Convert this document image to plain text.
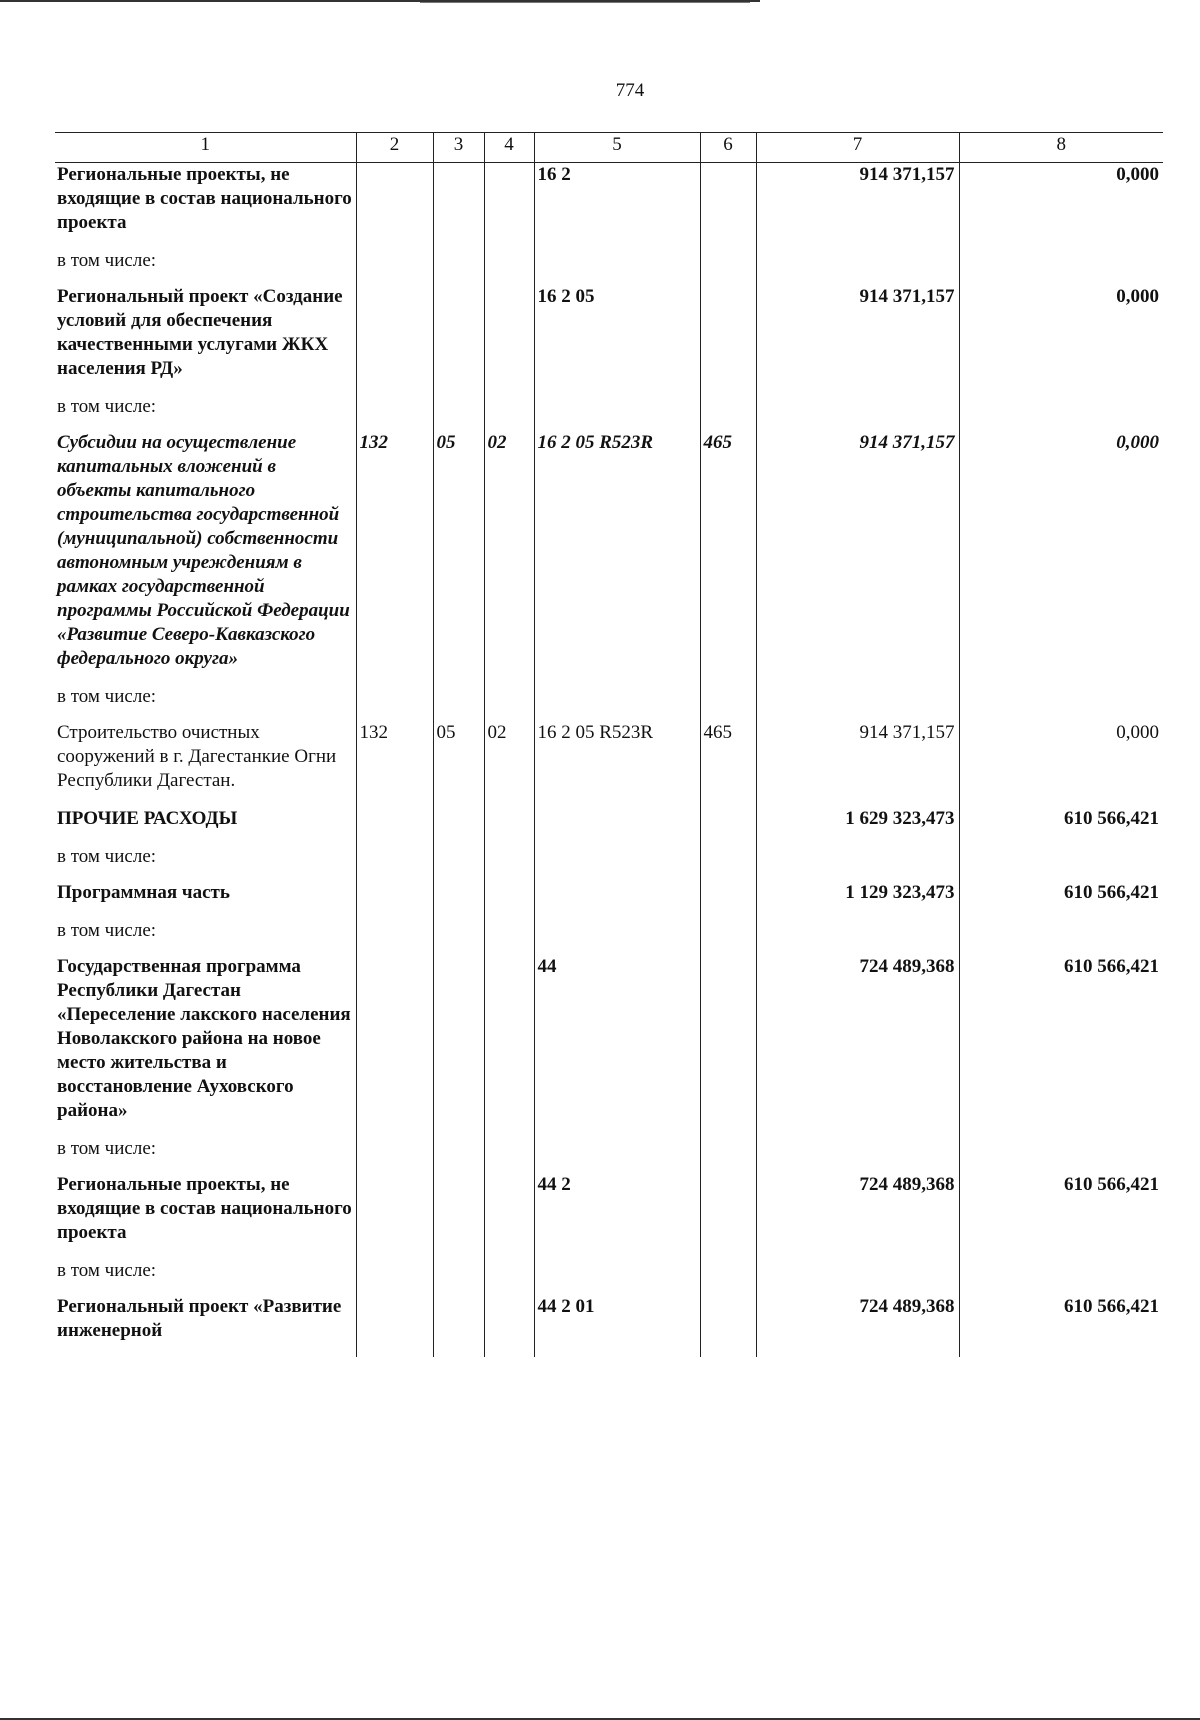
774
1	2	3	4	5	6	7	8
Региональные проекты, не входящие в состав национального проекта				16 2		914 371,157	0,000
в том числе:							
Региональный проект «Создание условий для обеспечения качественными услугами ЖКХ населения РД»				16 2 05		914 371,157	0,000
в том числе:							
Субсидии на осуществление капитальных вложений в объекты капитального строительства государственной (муниципальной) собственности автономным учреждениям в рамках государственной программы Российской Федерации «Развитие Северо-Кавказского федерального округа»	132	05	02	16 2 05 R523R	465	914 371,157	0,000
в том числе:							
Строительство очистных сооружений в г. Дагестанкие Огни Республики Дагестан.	132	05	02	16 2 05 R523R	465	914 371,157	0,000
ПРОЧИЕ РАСХОДЫ						1 629 323,473	610 566,421
в том числе:							
Программная часть						1 129 323,473	610 566,421
в том числе:							
Государственная программа Республики Дагестан «Переселение лакского населения Новолакского района на новое место жительства и восстановление Ауховского района»				44		724 489,368	610 566,421
в том числе:							
Региональные проекты, не входящие в состав национального проекта				44 2		724 489,368	610 566,421
в том числе:							
Региональный проект «Развитие инженерной				44 2 01		724 489,368	610 566,421
